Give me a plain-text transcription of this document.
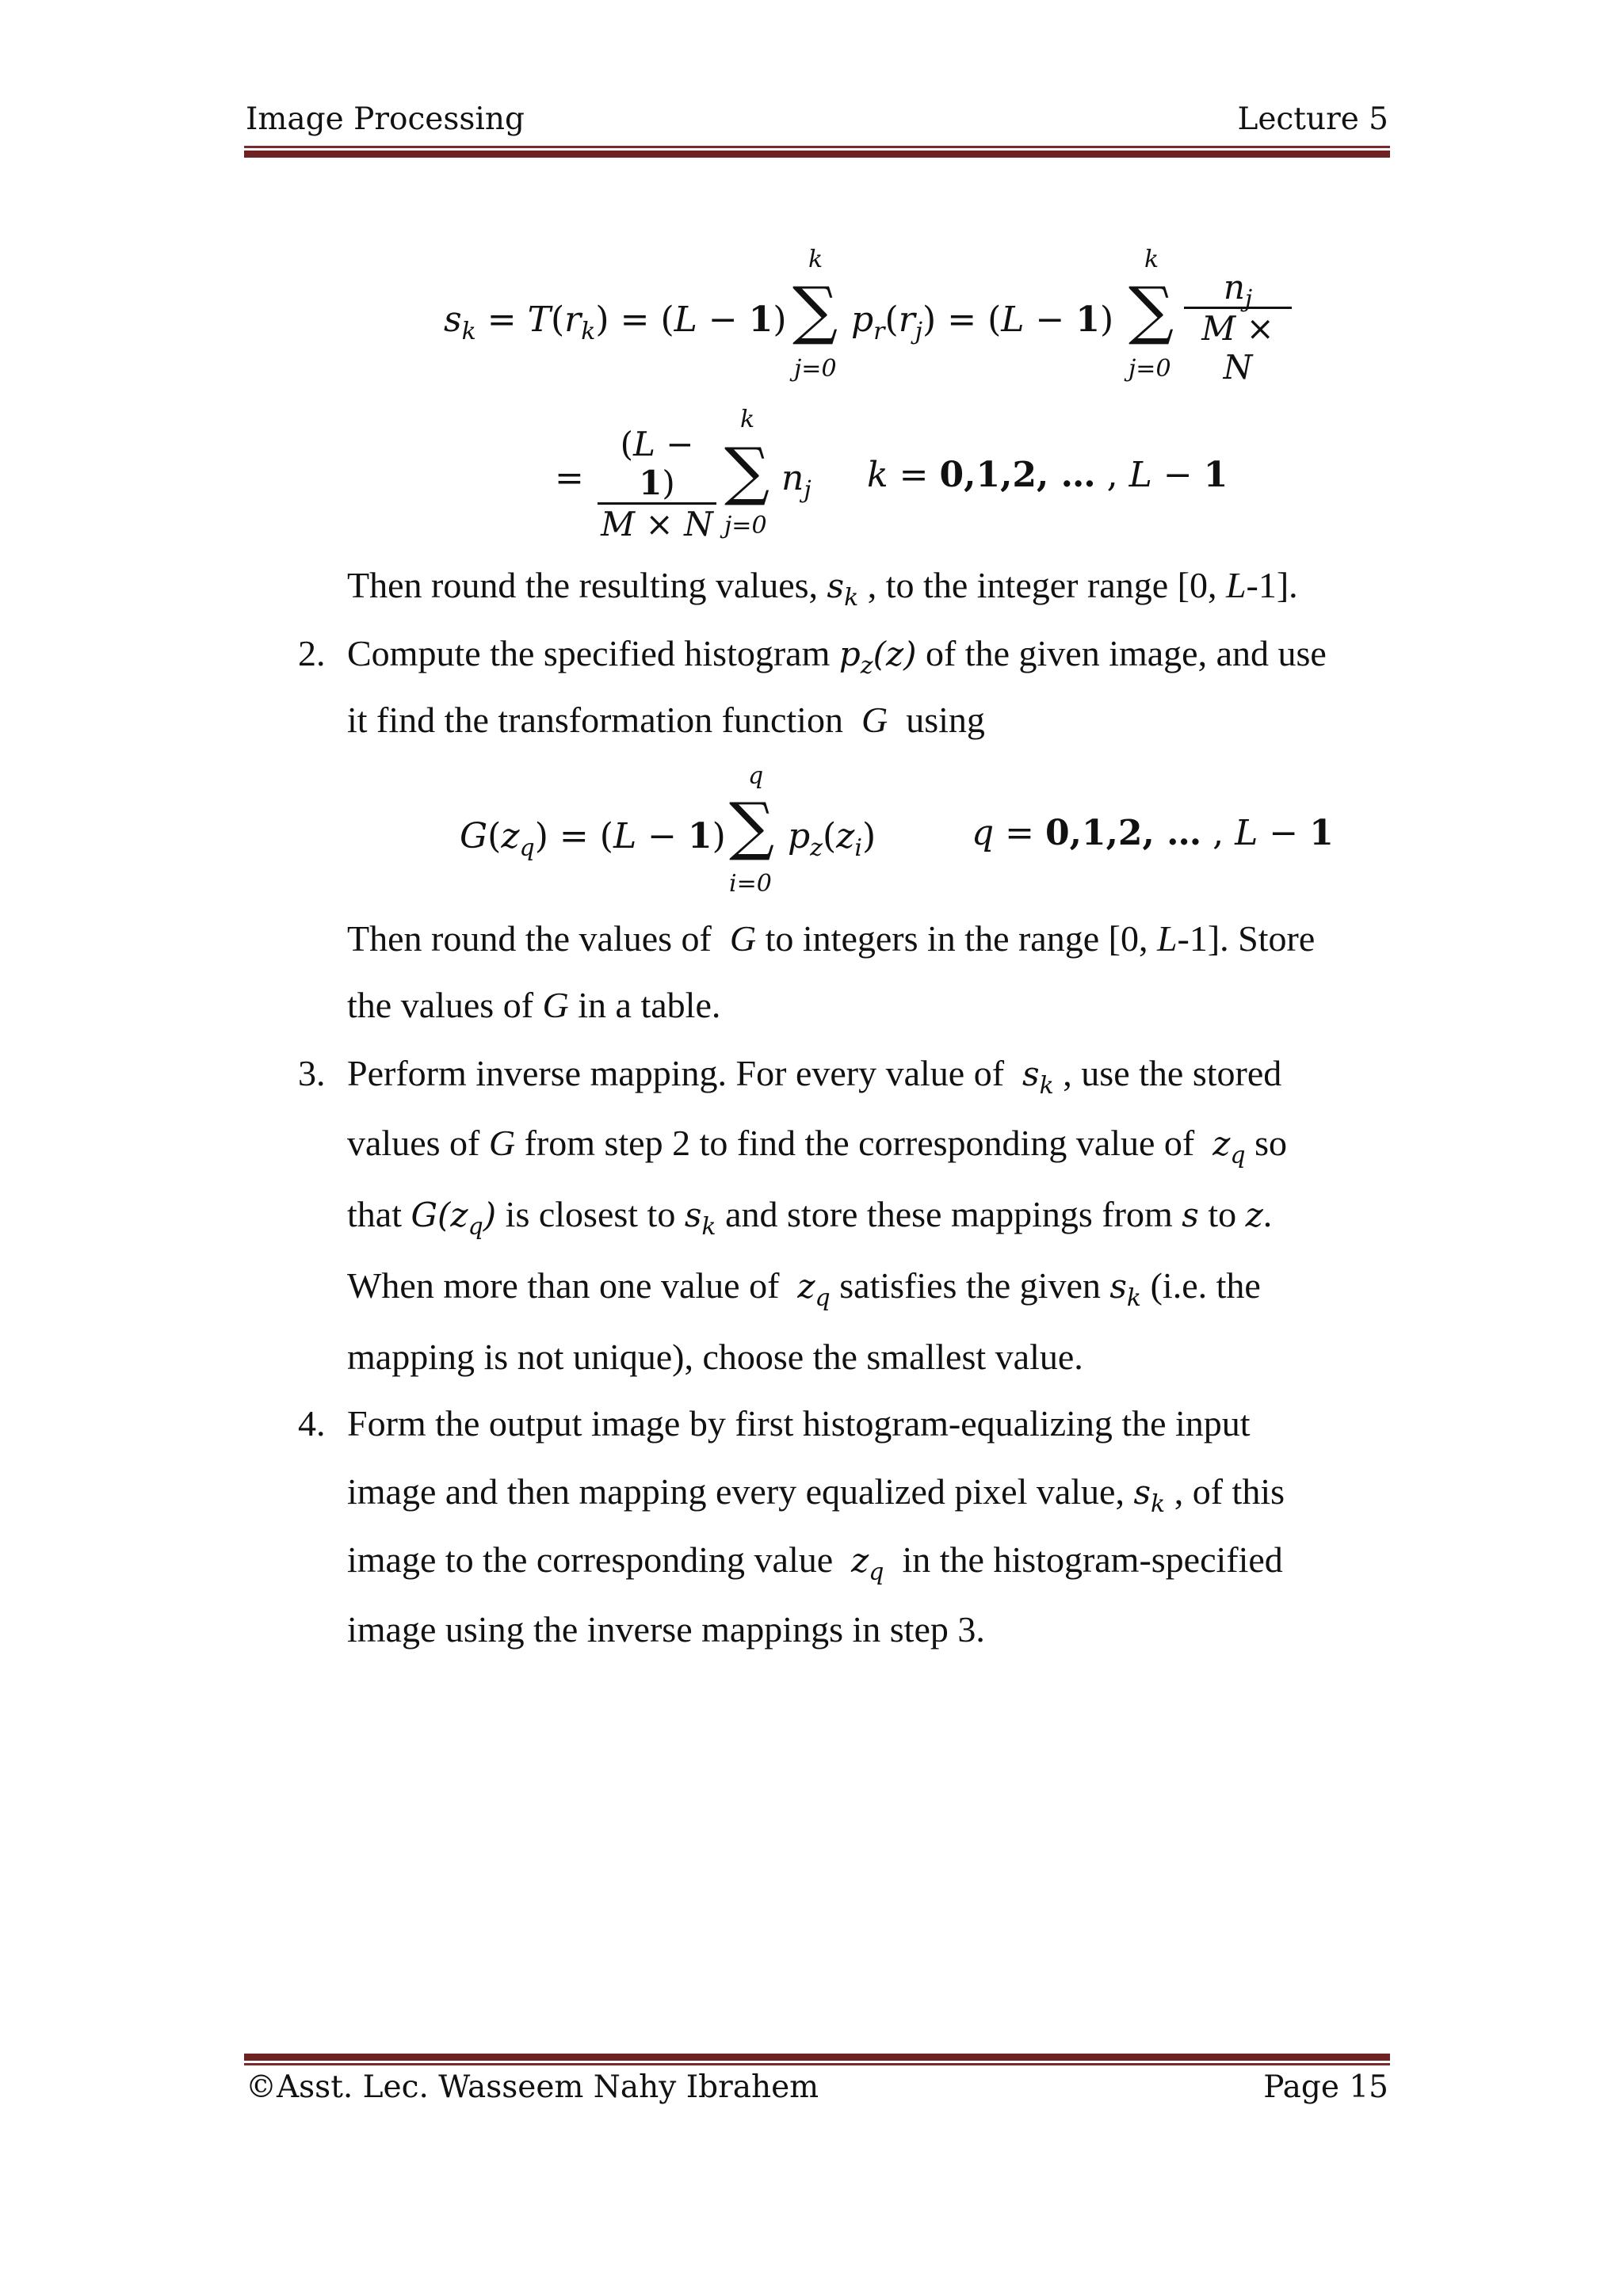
Image Processing	Lecture 5
$s_k = T(r_k) = (L - 1)$
k
∑
j=0
$p_r(r_j) = (L - 1)$
k
∑
j=0
$n_j$
M × N
=
(L − 1)
M × N
k
∑
j=0
$n_j$ k = 0,1,2, … , L − 1
Then round the resulting values, $s_k$ , to the integer range [0, L-1].
2. Compute the specified histogram $p_z(z)$ of the given image, and use
it find the transformation function  G  using
$G(z_q) = (L - 1)$
q
∑
i=0
$p_z(z_i)$	q = 0,1,2, … , L − 1
Then round the values of  G to integers in the range [0, L-1]. Store
the values of G in a table.
3. Perform inverse mapping. For every value of  $s_k$ , use the stored
values of G from step 2 to find the corresponding value of  $z_q$ so
that $G(z_q)$ is closest to $s_k$ and store these mappings from s to z.
When more than one value of  $z_q$ satisfies the given $s_k$ (i.e. the
mapping is not unique), choose the smallest value.
4. Form the output image by first histogram-equalizing the input
image and then mapping every equalized pixel value, $s_k$ , of this
image to the corresponding value  $z_q$  in the histogram-specified
image using the inverse mappings in step 3.
©Asst. Lec. Wasseem Nahy Ibrahem	Page 15
